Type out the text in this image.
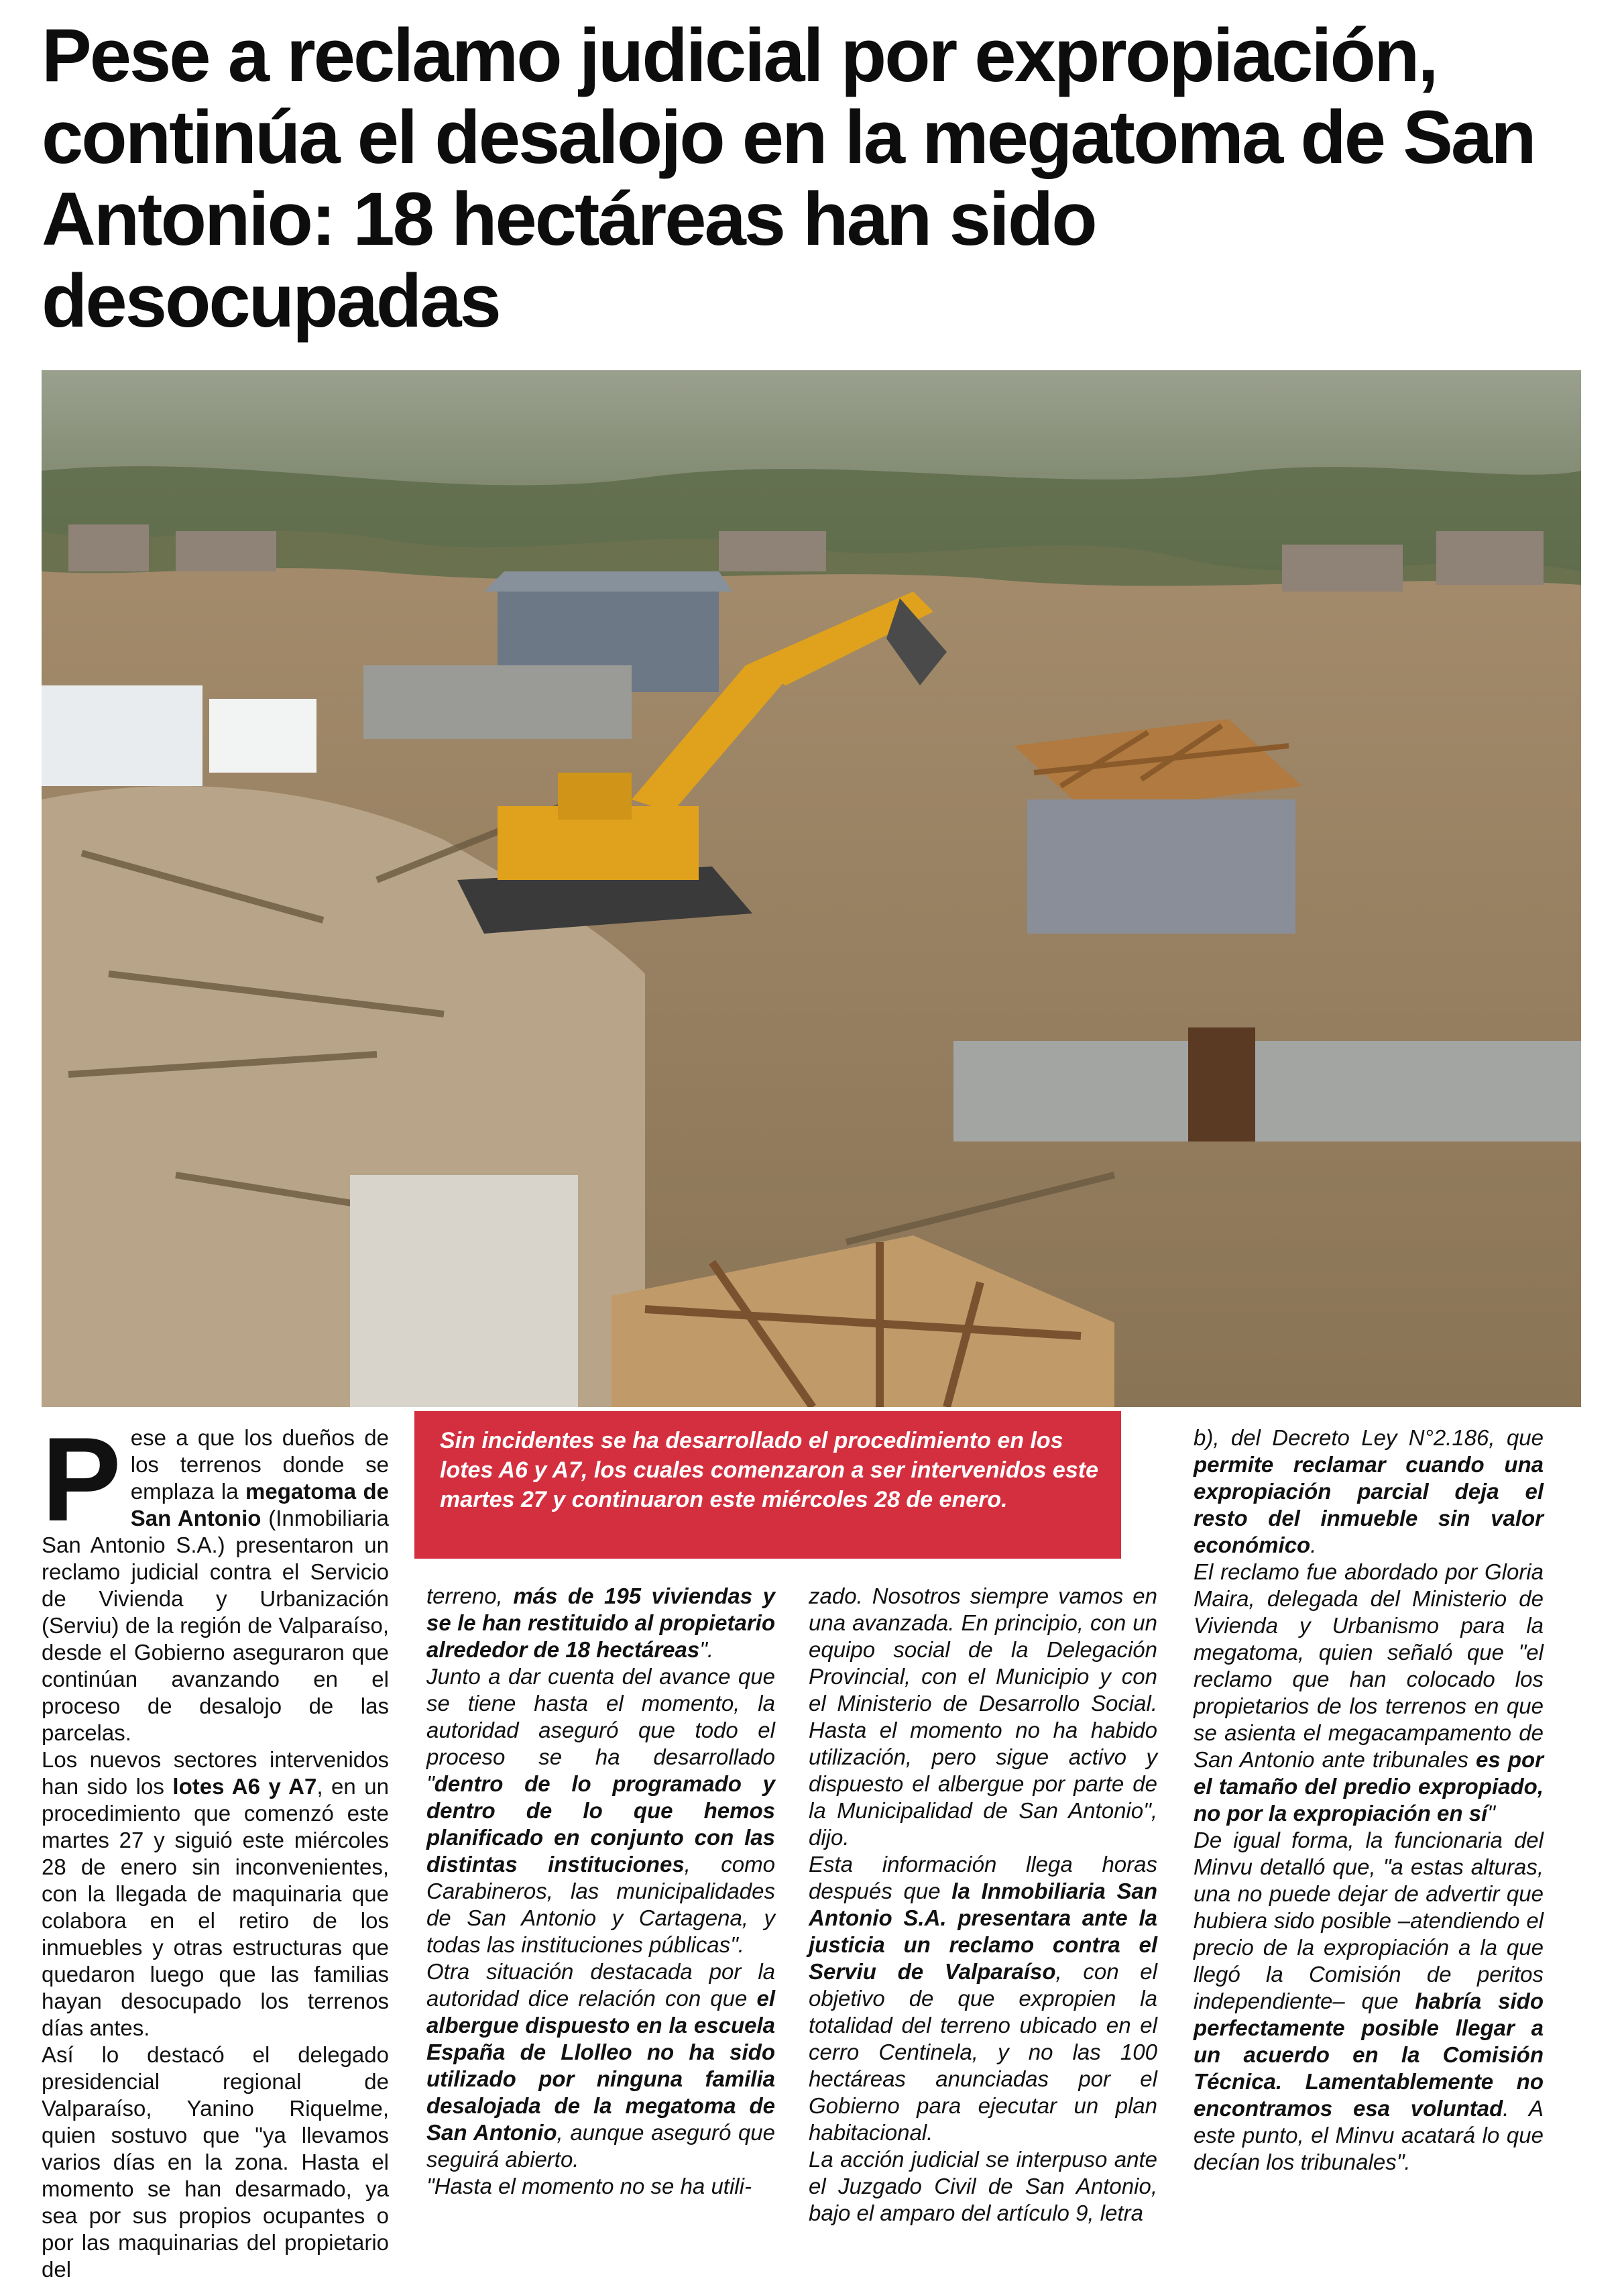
Pese a reclamo judicial por expropiación, continúa el desalojo en la megatoma de San Antonio: 18 hectáreas han sido desocupadas

Sin incidentes se ha desarrollado el procedimiento en los lotes A6 y A7, los cuales comenzaron a ser intervenidos este martes 27 y continuaron este miércoles 28 de enero.

P ese a que los dueños de los terrenos donde se emplaza la megatoma de San Antonio (Inmobiliaria San Antonio S.A.) presentaron un reclamo judicial contra el Servicio de Vivienda y Urbanización (Serviu) de la región de Valparaíso, desde el Gobierno aseguraron que continúan avanzando en el proceso de desalojo de las parcelas.

Los nuevos sectores intervenidos han sido los lotes A6 y A7, en un procedimiento que comenzó este martes 27 y siguió este miércoles 28 de enero sin inconvenientes, con la llegada de maquinaria que colabora en el retiro de los inmuebles y otras estructuras que quedaron luego que las familias hayan desocupado los terrenos días antes.

Así lo destacó el delegado presidencial regional de Valparaíso, Yanino Riquelme, quien sostuvo que "ya llevamos varios días en la zona. Hasta el momento se han desarmado, ya sea por sus propios ocupantes o por las maquinarias del propietario del

terreno, más de 195 viviendas y se le han restituido al propietario alrededor de 18 hectáreas".

Junto a dar cuenta del avance que se tiene hasta el momento, la autoridad aseguró que todo el proceso se ha desarrollado "dentro de lo programado y dentro de lo que hemos planificado en conjunto con las distintas instituciones, como Carabineros, las municipalidades de San Antonio y Cartagena, y todas las instituciones públicas".

Otra situación destacada por la autoridad dice relación con que el albergue dispuesto en la escuela España de Llolleo no ha sido utilizado por ninguna familia desalojada de la megatoma de San Antonio, aunque aseguró que seguirá abierto.

"Hasta el momento no se ha utili-

zado. Nosotros siempre vamos en una avanzada. En principio, con un equipo social de la Delegación Provincial, con el Municipio y con el Ministerio de Desarrollo Social. Hasta el momento no ha habido utilización, pero sigue activo y dispuesto el albergue por parte de la Municipalidad de San Antonio", dijo.

Esta información llega horas después que la Inmobiliaria San Antonio S.A. presentara ante la justicia un reclamo contra el Serviu de Valparaíso, con el objetivo de que expropien la totalidad del terreno ubicado en el cerro Centinela, y no las 100 hectáreas anunciadas por el Gobierno para ejecutar un plan habitacional.

La acción judicial se interpuso ante el Juzgado Civil de San Antonio, bajo el amparo del artículo 9, letra

b), del Decreto Ley N°2.186, que permite reclamar cuando una expropiación parcial deja el resto del inmueble sin valor económico.

El reclamo fue abordado por Gloria Maira, delegada del Ministerio de Vivienda y Urbanismo para la megatoma, quien señaló que "el reclamo que han colocado los propietarios de los terrenos en que se asienta el megacampamento de San Antonio ante tribunales es por el tamaño del predio expropiado, no por la expropiación en sí"

De igual forma, la funcionaria del Minvu detalló que, "a estas alturas, una no puede dejar de advertir que hubiera sido posible –atendiendo el precio de la expropiación a la que llegó la Comisión de peritos independiente– que habría sido perfectamente posible llegar a un acuerdo en la Comisión Técnica. Lamentablemente no encontramos esa voluntad. A este punto, el Minvu acatará lo que decían los tribunales".
